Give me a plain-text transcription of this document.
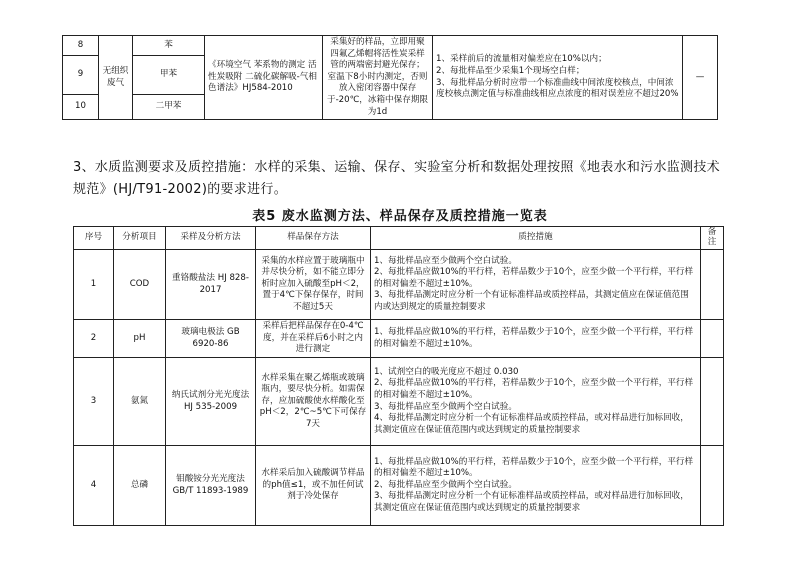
8	无组织废气	苯	《环境空气 苯系物的测定 活性炭吸附 二硫化碳解吸-气相色谱法》HJ584-2010	采集好的样品，立即用聚四氟乙烯帽将活性炭采样管的两端密封避光保存；室温下8小时内测定，否则放入密闭容器中保存于-20℃，冰箱中保存期限为1d	1、采样前后的流量相对偏差应在10%以内；
2、每批样品至少采集1个现场空白样；
3、每批样品分析时应带一个标准曲线中间浓度校核点，中间浓度校核点测定值与标准曲线相应点浓度的相对误差应不超过20%	—
9		甲苯				
10		二甲苯				
3、水质监测要求及质控措施：水样的采集、运输、保存、实验室分析和数据处理按照《地表水和污水监测技术规范》(HJ/T91-2002)的要求进行。
表5 废水监测方法、样品保存及质控措施一览表
序号	分析项目	采样及分析方法	样品保存方法	质控措施	备注
1	COD	重铬酸盐法 HJ 828-2017	采集的水样应置于玻璃瓶中并尽快分析，如不能立即分析时应加入硫酸至pH＜2，置于4℃下保存保存，时间不超过5天	1、每批样品应至少做两个空白试验。
2、每批样品应做10%的平行样，若样品数少于10个，应至少做一个平行样，平行样的相对偏差不超过±10%。
3、每批样品测定时应分析一个有证标准样品或质控样品，其测定值应在保证值范围内或达到规定的质量控制要求	

2	pH	玻璃电极法 GB 6920-86	采样后把样品保存在0-4℃度，并在采样后6小时之内进行测定	1、每批样品应做10%的平行样，若样品数少于10个，应至少做一个平行样，平行样的相对偏差不超过±10%。	

3	氨氮	纳氏试剂分光光度法 HJ 535-2009	水样采集在聚乙烯瓶或玻璃瓶内，要尽快分析。如需保存，应加硫酸使水样酸化至pH＜2，2℃~5℃下可保存7天	1、试剂空白的吸光度应不超过 0.030
2、每批样品应做10%的平行样，若样品数少于10个，应至少做一个平行样，平行样的相对偏差不超过±10%。
3、每批样品应至少做两个空白试验。
4、每批样品测定时应分析一个有证标准样品或质控样品，或对样品进行加标回收，其测定值应在保证值范围内或达到规定的质量控制要求	

4	总磷	钼酸铵分光光度法 GB/T 11893-1989	水样采后加入硫酸调节样品的ph值≤1，或不加任何试剂于冷处保存	1、每批样品应做10%的平行样，若样品数少于10个，应至少做一个平行样，平行样的相对偏差不超过±10%。
2、每批样品应至少做两个空白试验。
3、每批样品测定时应分析一个有证标准样品或质控样品，或对样品进行加标回收，其测定值应在保证值范围内或达到规定的质量控制要求	
